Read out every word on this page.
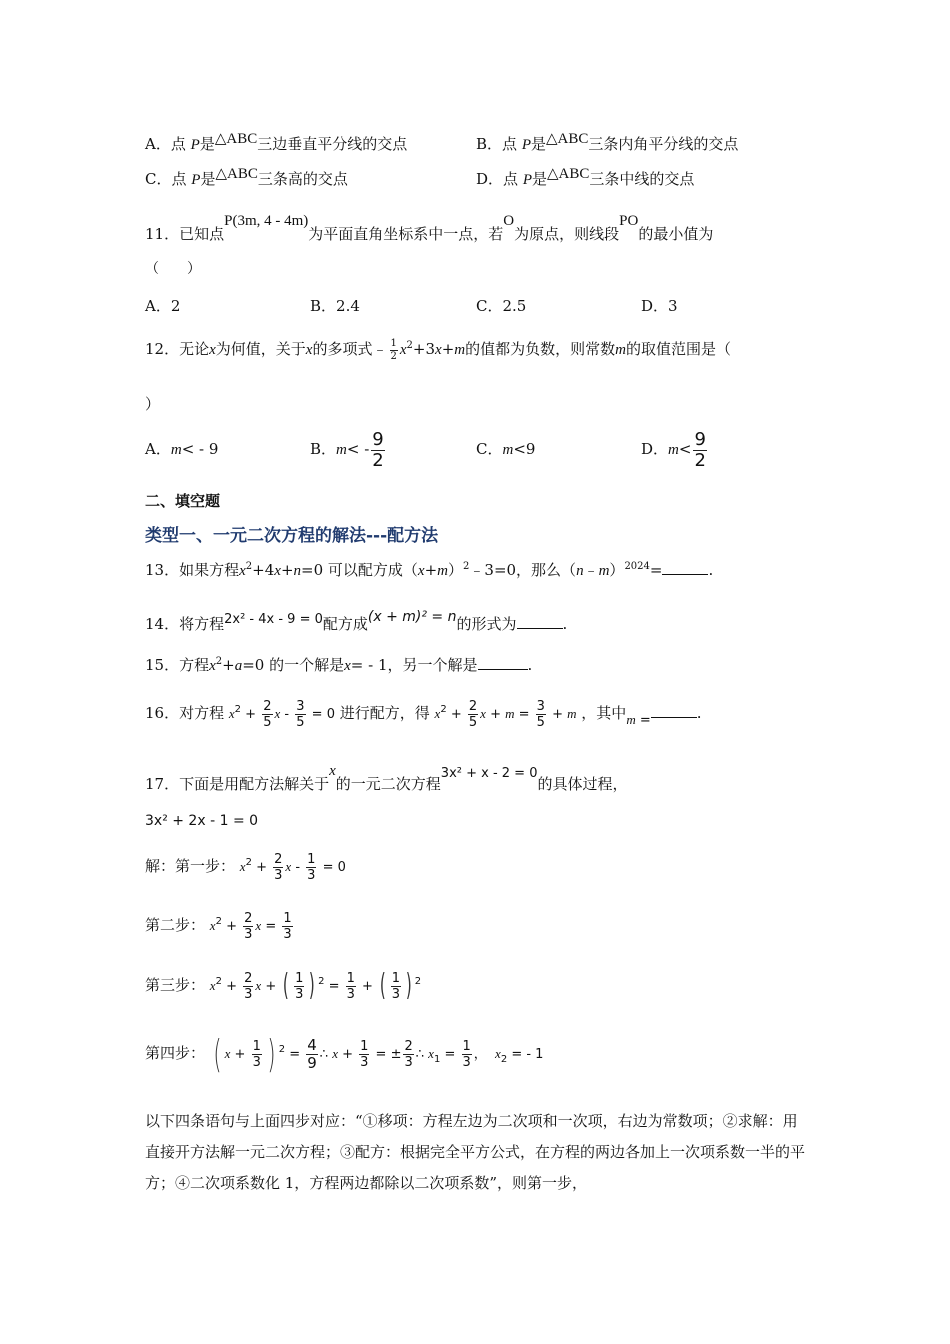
A．点 P是△ABC三边垂直平分线的交点	B．点 P是△ABC三条内角平分线的交点
C．点 P是△ABC三条高的交点	D．点 P是△ABC三条中线的交点
11．已知点P(3m, 4 - 4m)为平面直角坐标系中一点，若O为原点，则线段PO的最小值为
（　　）
A．2	B．2.4	C．2.5	D．3
12．无论x为何值，关于x的多项式﹣ $\frac{1}{2} x^2+3x+m$的值都为负数，则常数m的取值范围是（
）
A．m< - 9	B．$m< - \frac{9}{2}$	C．m<9	D．$m< \frac{9}{2}$
二、填空题
类型一、一元二次方程的解法---配方法
13．如果方程$x^2+4x+n=0$ 可以配方成$(x+m)^2﹣3=0$，那么（n﹣m）$^{2024}$=	.
14．将方程2x² - 4x - 9 = 0配方成(x + m)² = n的形式为	.
15．方程$x^2+a=0$ 的一个解是x= - 1，另一个解是	.
16．对方程 $x^2 + \frac{2}{5}$ $x - \frac{3}{5} = 0$ 进行配方，得 $x^2 + \frac{2}{5}$ $x + m = \frac{3}{5} + m$ ，其中m =	.
17．下面是用配方法解关于x的一元二次方程3x² + x - 2 = 0的具体过程，
3x² + 2x - 1 = 0
解：第一步： $x^2 + \frac{2}{3}$ $x - \frac{1}{3} = 0$
第二步： $x^2 + \frac{2}{3}$ $x = \frac{1}{3}$
第三步： $x^2 + \frac{2}{3}$ x + ( $\frac{1}{3}$ ) $^2 = \frac{1}{3}$ + ( $\frac{1}{3}$ ) $^2$
第四步： ( $x + \frac{1}{3}$ ) $^2 = \frac{4}{9}$ ∴ $x + \frac{1}{3}$ = ± $\frac{2}{3}$ ∴ $x_1 = \frac{1}{3}$ ，  $x_2$ = - 1
以下四条语句与上面四步对应：“①移项：方程左边为二次项和一次项，右边为常数项；②求解：用直接开方法解一元二次方程；③配方：根据完全平方公式，在方程的两边各加上一次项系数一半的平方；④二次项系数化 1，方程两边都除以二次项系数”，则第一步，
